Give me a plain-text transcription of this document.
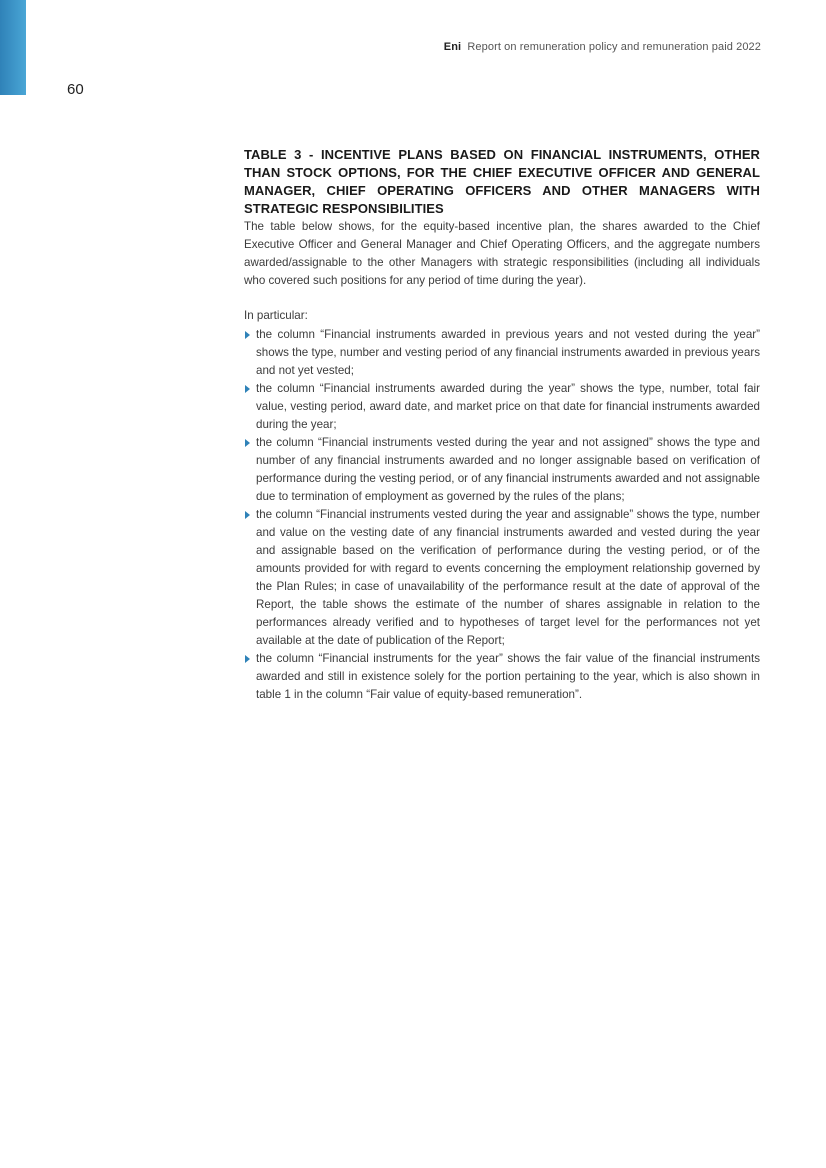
Eni Report on remuneration policy and remuneration paid 2022
60
TABLE 3 - INCENTIVE PLANS BASED ON FINANCIAL INSTRUMENTS, OTHER THAN STOCK OPTIONS, FOR THE CHIEF EXECUTIVE OFFICER AND GENERAL MANAGER, CHIEF OPERATING OFFICERS AND OTHER MANAGERS WITH STRATEGIC RESPONSIBILITIES

The table below shows, for the equity-based incentive plan, the shares awarded to the Chief Executive Officer and General Manager and Chief Operating Officers, and the aggregate numbers awarded/assignable to the other Managers with strategic responsibilities (including all individuals who covered such positions for any period of time during the year).

In particular:

the column “Financial instruments awarded in previous years and not vested during the year” shows the type, number and vesting period of any financial instruments awarded in previous years and not yet vested;
the column “Financial instruments awarded during the year” shows the type, number, total fair value, vesting period, award date, and market price on that date for financial instruments awarded during the year;
the column “Financial instruments vested during the year and not assigned” shows the type and number of any financial instruments awarded and no longer assignable based on verification of performance during the vesting period, or of any financial instruments awarded and not assignable due to termination of employment as governed by the rules of the plans;
the column “Financial instruments vested during the year and assignable” shows the type, number and value on the vesting date of any financial instruments awarded and vested during the year and assignable based on the verification of performance during the vesting period, or of the amounts provided for with regard to events concerning the employment relationship governed by the Plan Rules; in case of unavailability of the performance result at the date of approval of the Report, the table shows the estimate of the number of shares assignable in relation to the performances already verified and to hypotheses of target level for the performances not yet available at the date of publication of the Report;
the column “Financial instruments for the year” shows the fair value of the financial instruments awarded and still in existence solely for the portion pertaining to the year, which is also shown in table 1 in the column “Fair value of equity-based remuneration”.
